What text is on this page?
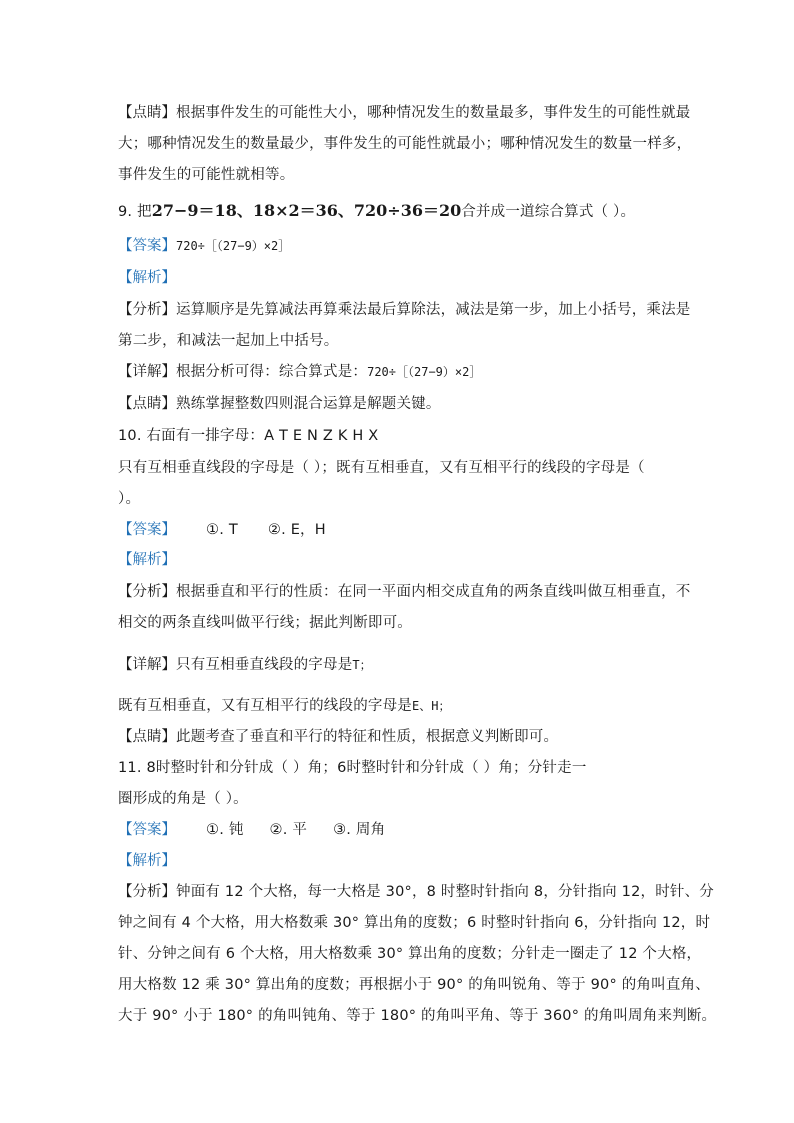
【点睛】根据事件发生的可能性大小，哪种情况发生的数量最多，事件发生的可能性就最
大；哪种情况发生的数量最少，事件发生的可能性就最小；哪种情况发生的数量一样多，
事件发生的可能性就相等。
9. 把27−9＝18、18×2＝36、720÷36＝20合并成一道综合算式（ ）。
【答案】720÷［（27−9）×2］
【解析】
【分析】运算顺序是先算减法再算乘法最后算除法，减法是第一步，加上小括号，乘法是
第二步，和减法一起加上中括号。
【详解】根据分析可得：综合算式是：720÷［（27−9）×2］
【点睛】熟练掌握整数四则混合运算是解题关键。
10. 右面有一排字母：A T E N Z K H X
只有互相垂直线段的字母是（ ）；既有互相垂直，又有互相平行的线段的字母是（
）。
【答案】 ①. T ②. E，H
【解析】
【分析】根据垂直和平行的性质：在同一平面内相交成直角的两条直线叫做互相垂直，不
相交的两条直线叫做平行线；据此判断即可。
【详解】只有互相垂直线段的字母是T；
既有互相垂直，又有互相平行的线段的字母是E、H；
【点睛】此题考查了垂直和平行的特征和性质，根据意义判断即可。
11. 8时整时针和分针成（ ）角；6时整时针和分针成（ ）角；分针走一
圈形成的角是（ ）。
【答案】 ①. 钝 ②. 平 ③. 周角
【解析】
【分析】钟面有 12 个大格，每一大格是 30°，8 时整时针指向 8，分针指向 12，时针、分
钟之间有 4 个大格，用大格数乘 30° 算出角的度数；6 时整时针指向 6，分针指向 12，时
针、分钟之间有 6 个大格，用大格数乘 30° 算出角的度数；分针走一圈走了 12 个大格，
用大格数 12 乘 30° 算出角的度数；再根据小于 90° 的角叫锐角、等于 90° 的角叫直角、
大于 90° 小于 180° 的角叫钝角、等于 180° 的角叫平角、等于 360° 的角叫周角来判断。
